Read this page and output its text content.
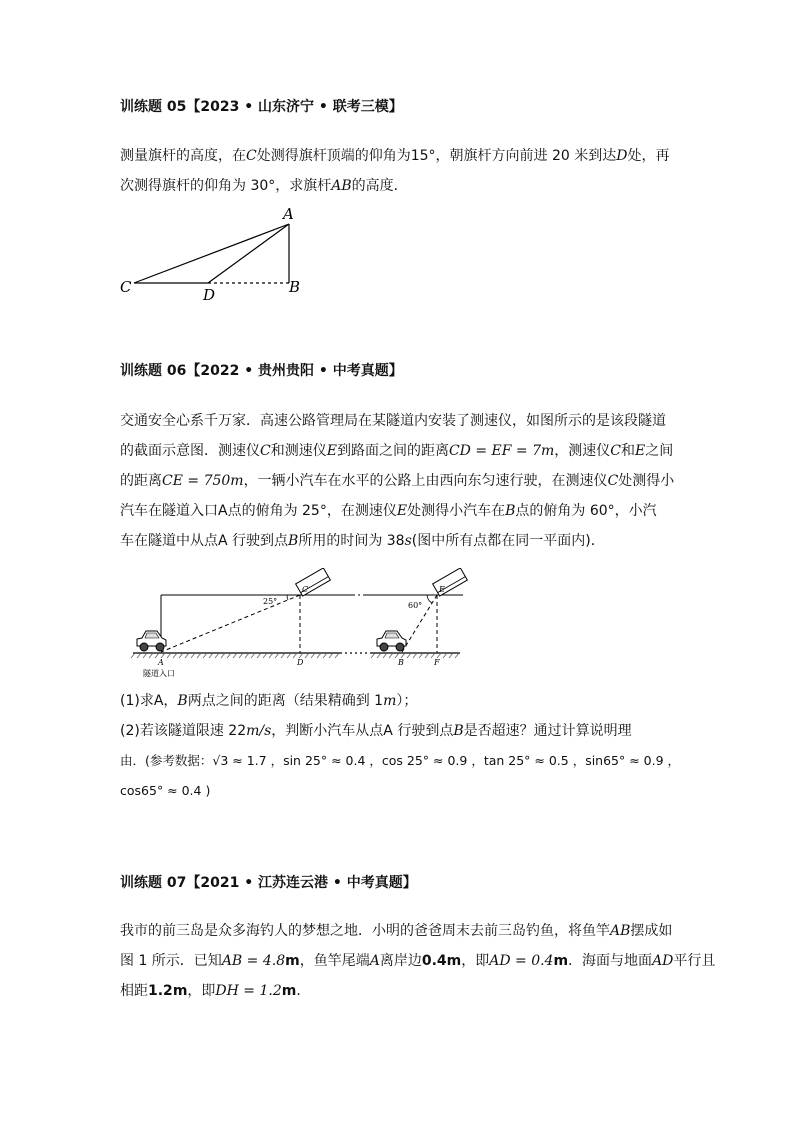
训练题 05【2023 • 山东济宁 • 联考三模】
测量旗杆的高度，在C处测得旗杆顶端的仰角为15°，朝旗杆方向前进 20 米到达D处，再
次测得旗杆的仰角为 30°，求旗杆AB的高度．
A
C	D	B
训练题 06【2022 • 贵州贵阳 • 中考真题】
交通安全心系千万家．高速公路管理局在某隧道内安装了测速仪，如图所示的是该段隧道
的截面示意图．测速仪C和测速仪E到路面之间的距离CD = EF = 7m，测速仪C和E之间
的距离CE = 750m，一辆小汽车在水平的公路上由西向东匀速行驶，在测速仪C处测得小
汽车在隧道入口A点的俯角为 25°，在测速仪E处测得小汽车在B点的俯角为 60°，小汽
车在隧道中从点A 行驶到点B所用的时间为 38s(图中所有点都在同一平面内)．
25°	60°
C	E
A	D	B	F
隧道入口
(1)求A，B两点之间的距离（结果精确到 1m）；
(2)若该隧道限速 22m/s，判断小汽车从点A 行驶到点B是否超速？通过计算说明理
由．(参考数据：√3 ≈ 1.7 ，sin 25° ≈ 0.4 ，cos 25° ≈ 0.9 ，tan 25° ≈ 0.5 ，sin65° ≈ 0.9 ，
cos65° ≈ 0.4 )
训练题 07【2021 • 江苏连云港 • 中考真题】
我市的前三岛是众多海钓人的梦想之地．小明的爸爸周末去前三岛钓鱼，将鱼竿AB摆成如
图 1 所示．已知AB = 4.8m，鱼竿尾端A离岸边0.4m，即AD = 0.4m．海面与地面AD平行且
相距1.2m，即DH = 1.2m．
